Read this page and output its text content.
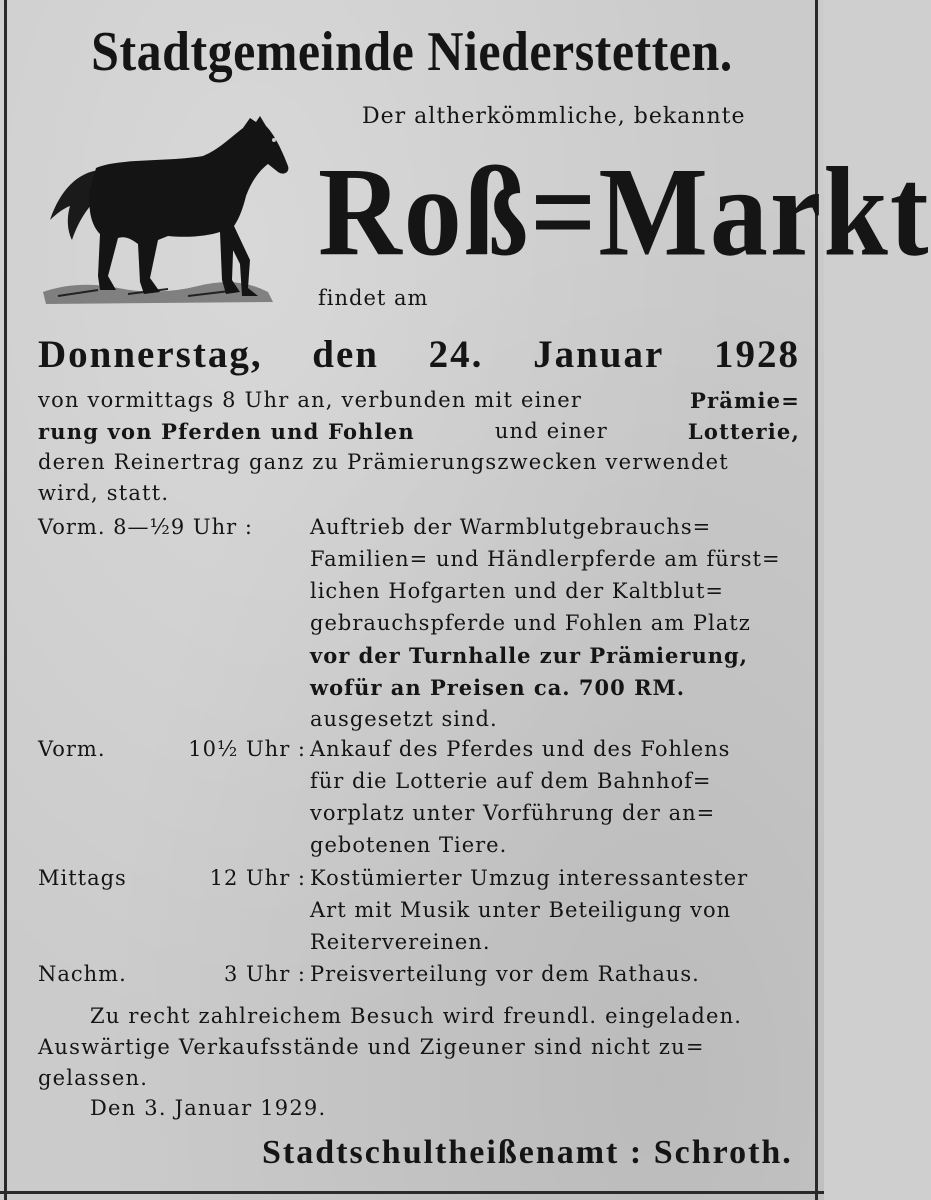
Stadtgemeinde Niederstetten.
Der altherkömmliche, bekannte
Roß=Markt
findet am
Donnerstag, den 24. Januar 1928
von vormittags 8 Uhr an, verbunden mit einer	Prämie=
rung von Pferden und Fohlen	und einer	Lotterie,
deren Reinertrag ganz zu Prämierungszwecken verwendet
wird, statt.
Vorm. 8—½9 Uhr :	Auftrieb der Warmblutgebrauchs=
Familien= und Händlerpferde am fürst=
lichen Hofgarten und der Kaltblut=
gebrauchspferde und Fohlen am Platz
vor der Turnhalle zur Prämierung,
wofür an Preisen ca. 700 RM.
ausgesetzt sind.
Vorm.	10½ Uhr : Ankauf des Pferdes und des Fohlens
für die Lotterie auf dem Bahnhof=
vorplatz unter Vorführung der an=
gebotenen Tiere.
Mittags	12 Uhr : Kostümierter Umzug interessantester
Art mit Musik unter Beteiligung von
Reitervereinen.
Nachm.	3 Uhr : Preisverteilung vor dem Rathaus.
Zu recht zahlreichem Besuch wird freundl. eingeladen.
Auswärtige Verkaufsstände und Zigeuner sind nicht zu=
gelassen.
Den 3. Januar 1929.
Stadtschultheißenamt : Schroth.
